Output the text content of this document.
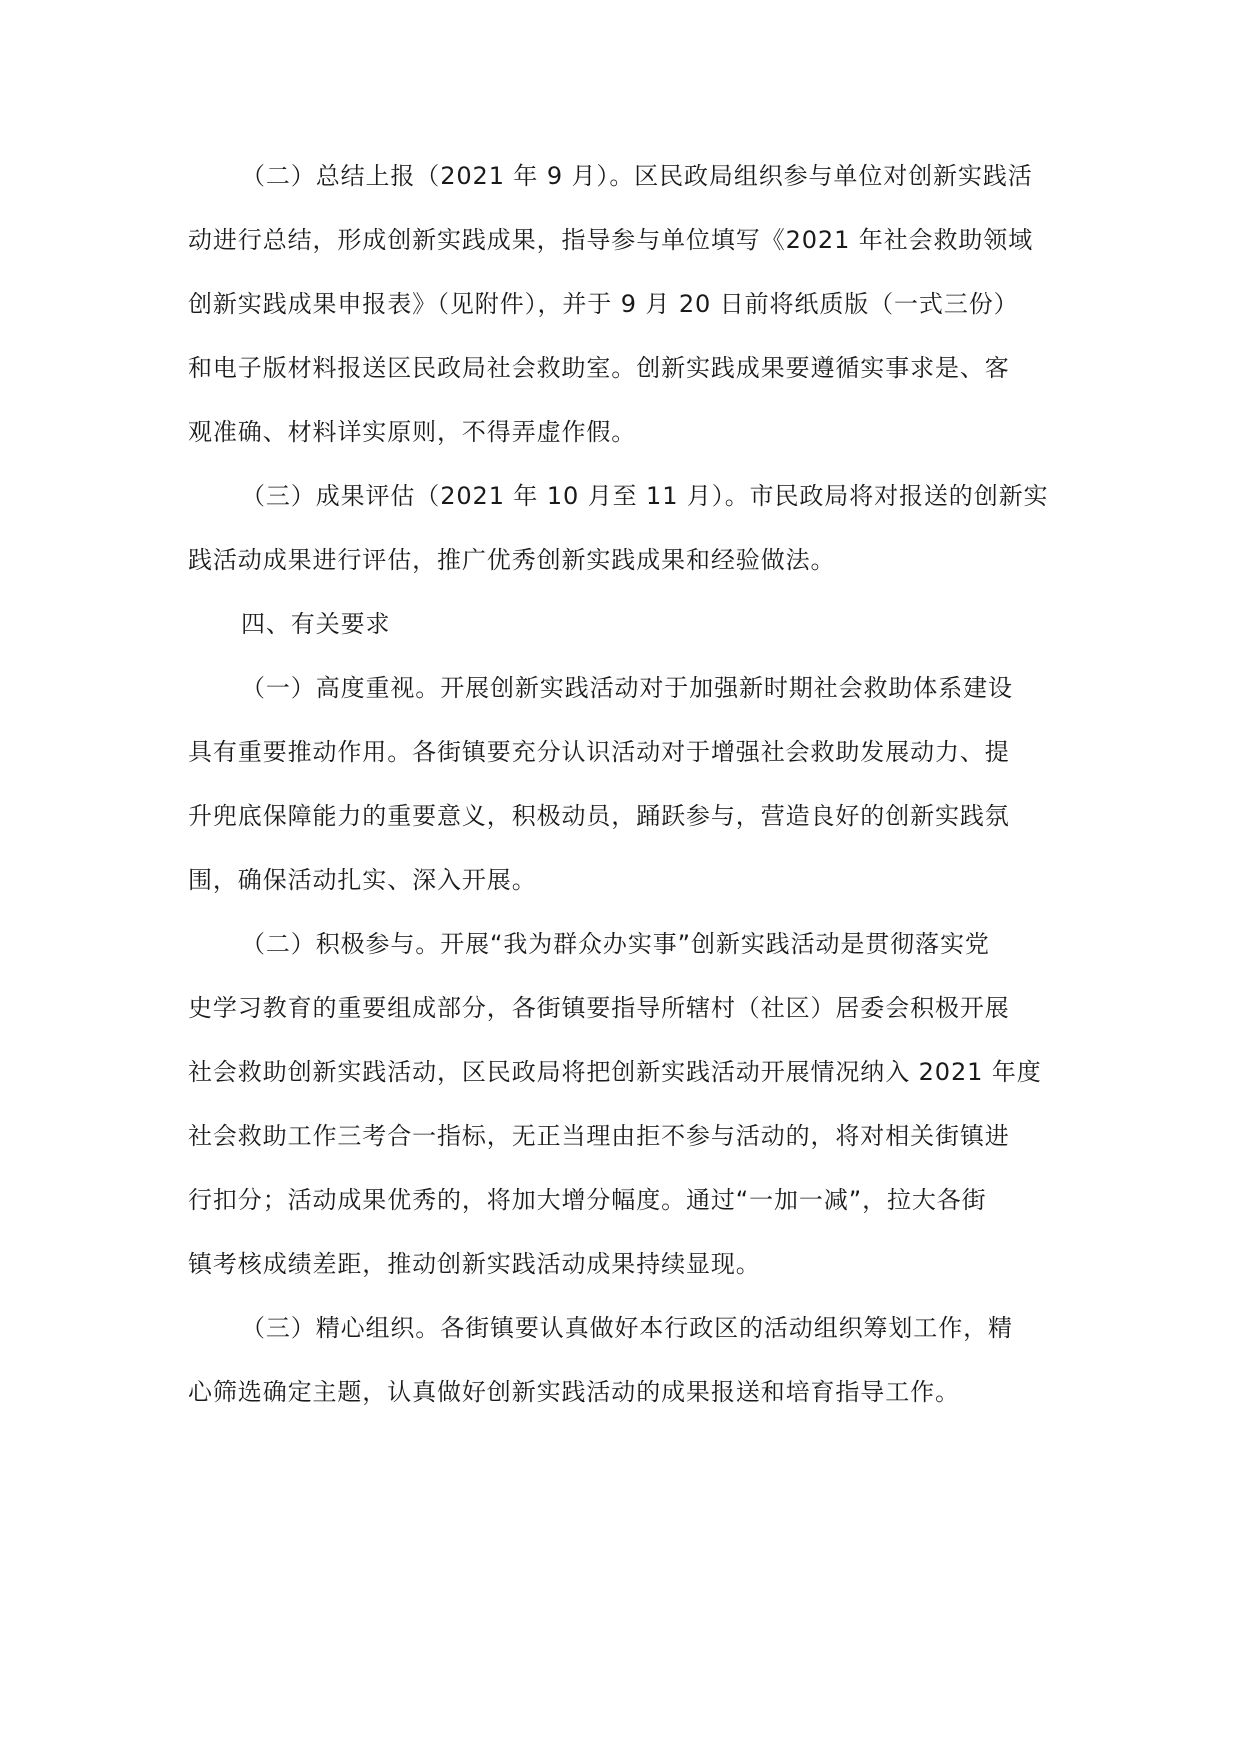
（二）总结上报（2021 年 9 月）。区民政局组织参与单位对创新实践活
动进行总结，形成创新实践成果，指导参与单位填写《2021 年社会救助领域
创新实践成果申报表》（见附件），并于 9 月 20 日前将纸质版（一式三份）
和电子版材料报送区民政局社会救助室。创新实践成果要遵循实事求是、客
观准确、材料详实原则，不得弄虚作假。
（三）成果评估（2021 年 10 月至 11 月）。市民政局将对报送的创新实
践活动成果进行评估，推广优秀创新实践成果和经验做法。
四、有关要求
（一）高度重视。开展创新实践活动对于加强新时期社会救助体系建设
具有重要推动作用。各街镇要充分认识活动对于增强社会救助发展动力、提
升兜底保障能力的重要意义，积极动员，踊跃参与，营造良好的创新实践氛
围，确保活动扎实、深入开展。
（二）积极参与。开展“我为群众办实事”创新实践活动是贯彻落实党
史学习教育的重要组成部分，各街镇要指导所辖村（社区）居委会积极开展
社会救助创新实践活动，区民政局将把创新实践活动开展情况纳入 2021 年度
社会救助工作三考合一指标，无正当理由拒不参与活动的，将对相关街镇进
行扣分；活动成果优秀的，将加大增分幅度。通过“一加一减”，拉大各街
镇考核成绩差距，推动创新实践活动成果持续显现。
（三）精心组织。各街镇要认真做好本行政区的活动组织筹划工作，精
心筛选确定主题，认真做好创新实践活动的成果报送和培育指导工作。
